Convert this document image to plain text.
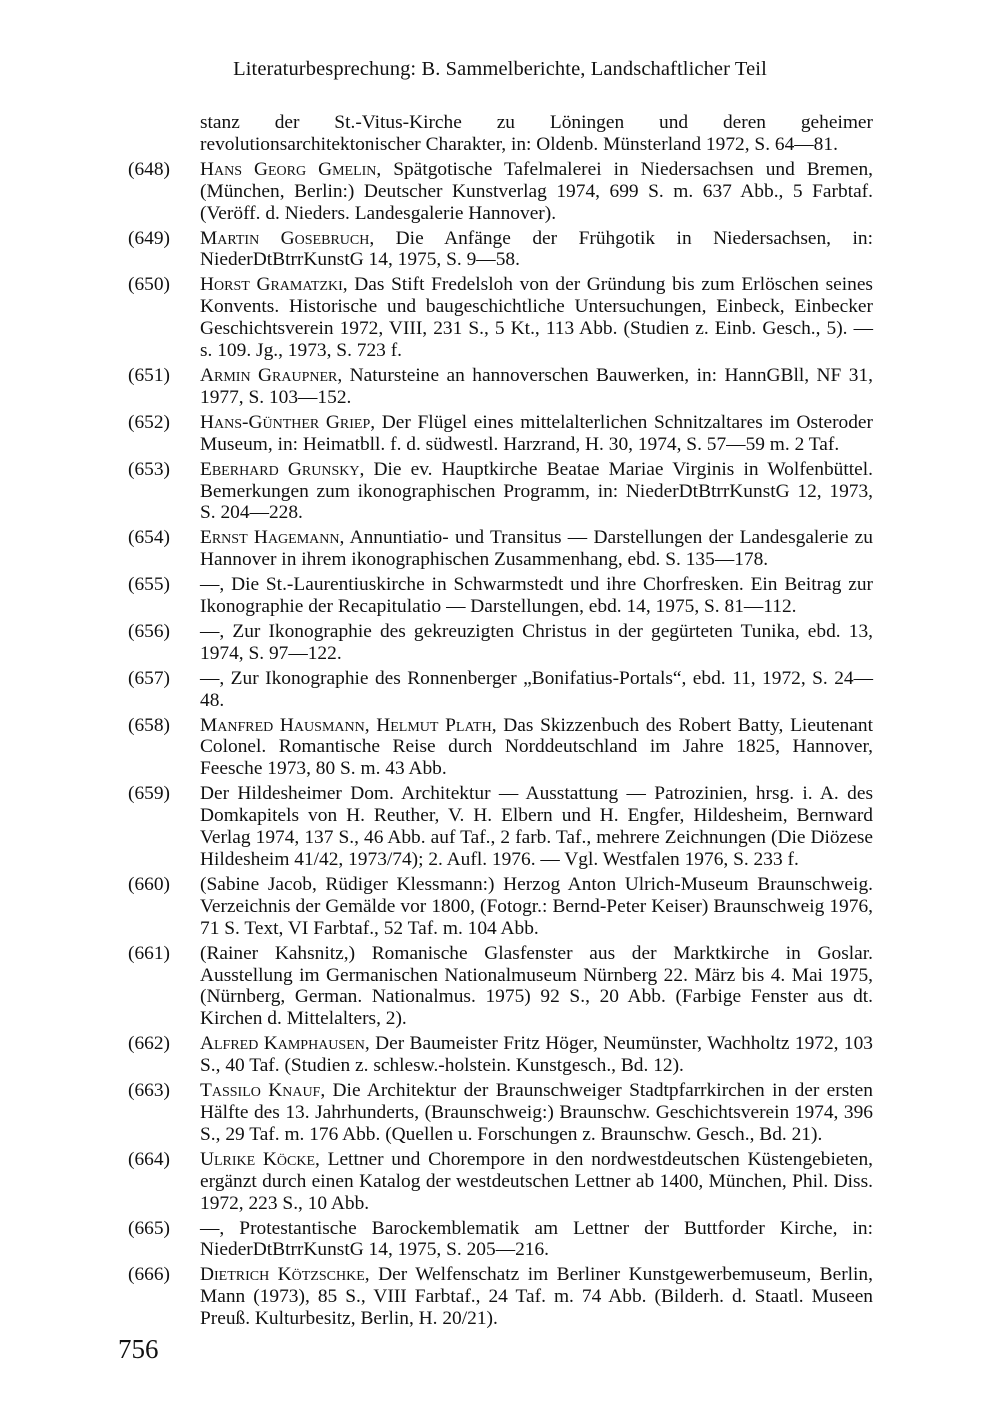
Literaturbesprechung: B. Sammelberichte, Landschaftlicher Teil
stanz der St.-Vitus-Kirche zu Löningen und deren geheimer revolutionsarchitektonischer Charakter, in: Oldenb. Münsterland 1972, S. 64—81.
(648)	Hans Georg Gmelin, Spätgotische Tafelmalerei in Niedersachsen und Bremen, (München, Berlin:) Deutscher Kunstverlag 1974, 699 S. m. 637 Abb., 5 Farbtaf. (Veröff. d. Nieders. Landesgalerie Hannover).
(649)	Martin Gosebruch, Die Anfänge der Frühgotik in Niedersachsen, in: NiederDtBtrrKunstG 14, 1975, S. 9—58.
(650)	Horst Gramatzki, Das Stift Fredelsloh von der Gründung bis zum Erlöschen seines Konvents. Historische und baugeschichtliche Untersuchungen, Einbeck, Einbecker Geschichtsverein 1972, VIII, 231 S., 5 Kt., 113 Abb. (Studien z. Einb. Gesch., 5). — s. 109. Jg., 1973, S. 723 f.
(651)	Armin Graupner, Natursteine an hannoverschen Bauwerken, in: HannGBll, NF 31, 1977, S. 103—152.
(652)	Hans-Günther Griep, Der Flügel eines mittelalterlichen Schnitzaltares im Osteroder Museum, in: Heimatbll. f. d. südwestl. Harzrand, H. 30, 1974, S. 57—59 m. 2 Taf.
(653)	Eberhard Grunsky, Die ev. Hauptkirche Beatae Mariae Virginis in Wolfenbüttel. Bemerkungen zum ikonographischen Programm, in: NiederDtBtrrKunstG 12, 1973, S. 204—228.
(654)	Ernst Hagemann, Annuntiatio- und Transitus — Darstellungen der Landesgalerie zu Hannover in ihrem ikonographischen Zusammenhang, ebd. S. 135—178.
(655)	—, Die St.-Laurentiuskirche in Schwarmstedt und ihre Chorfresken. Ein Beitrag zur Ikonographie der Recapitulatio — Darstellungen, ebd. 14, 1975, S. 81—112.
(656)	—, Zur Ikonographie des gekreuzigten Christus in der gegürteten Tunika, ebd. 13, 1974, S. 97—122.
(657)	—, Zur Ikonographie des Ronnenberger „Bonifatius-Portals“, ebd. 11, 1972, S. 24—48.
(658)	Manfred Hausmann, Helmut Plath, Das Skizzenbuch des Robert Batty, Lieutenant Colonel. Romantische Reise durch Norddeutschland im Jahre 1825, Hannover, Feesche 1973, 80 S. m. 43 Abb.
(659)	Der Hildesheimer Dom. Architektur — Ausstattung — Patrozinien, hrsg. i. A. des Domkapitels von H. Reuther, V. H. Elbern und H. Engfer, Hildesheim, Bernward Verlag 1974, 137 S., 46 Abb. auf Taf., 2 farb. Taf., mehrere Zeichnungen (Die Diözese Hildesheim 41/42, 1973/74); 2. Aufl. 1976. — Vgl. Westfalen 1976, S. 233 f.
(660)	(Sabine Jacob, Rüdiger Klessmann:) Herzog Anton Ulrich-Museum Braunschweig. Verzeichnis der Gemälde vor 1800, (Fotogr.: Bernd-Peter Keiser) Braunschweig 1976, 71 S. Text, VI Farbtaf., 52 Taf. m. 104 Abb.
(661)	(Rainer Kahsnitz,) Romanische Glasfenster aus der Marktkirche in Goslar. Ausstellung im Germanischen Nationalmuseum Nürnberg 22. März bis 4. Mai 1975, (Nürnberg, German. Nationalmus. 1975) 92 S., 20 Abb. (Farbige Fenster aus dt. Kirchen d. Mittelalters, 2).
(662)	Alfred Kamphausen, Der Baumeister Fritz Höger, Neumünster, Wachholtz 1972, 103 S., 40 Taf. (Studien z. schlesw.-holstein. Kunstgesch., Bd. 12).
(663)	Tassilo Knauf, Die Architektur der Braunschweiger Stadtpfarrkirchen in der ersten Hälfte des 13. Jahrhunderts, (Braunschweig:) Braunschw. Geschichtsverein 1974, 396 S., 29 Taf. m. 176 Abb. (Quellen u. Forschungen z. Braunschw. Gesch., Bd. 21).
(664)	Ulrike Köcke, Lettner und Chorempore in den nordwestdeutschen Küstengebieten, ergänzt durch einen Katalog der westdeutschen Lettner ab 1400, München, Phil. Diss. 1972, 223 S., 10 Abb.
(665)	—, Protestantische Barockemblematik am Lettner der Buttforder Kirche, in: NiederDtBtrrKunstG 14, 1975, S. 205—216.
(666)	Dietrich Kötzschke, Der Welfenschatz im Berliner Kunstgewerbemuseum, Berlin, Mann (1973), 85 S., VIII Farbtaf., 24 Taf. m. 74 Abb. (Bilderh. d. Staatl. Museen Preuß. Kulturbesitz, Berlin, H. 20/21).
756
